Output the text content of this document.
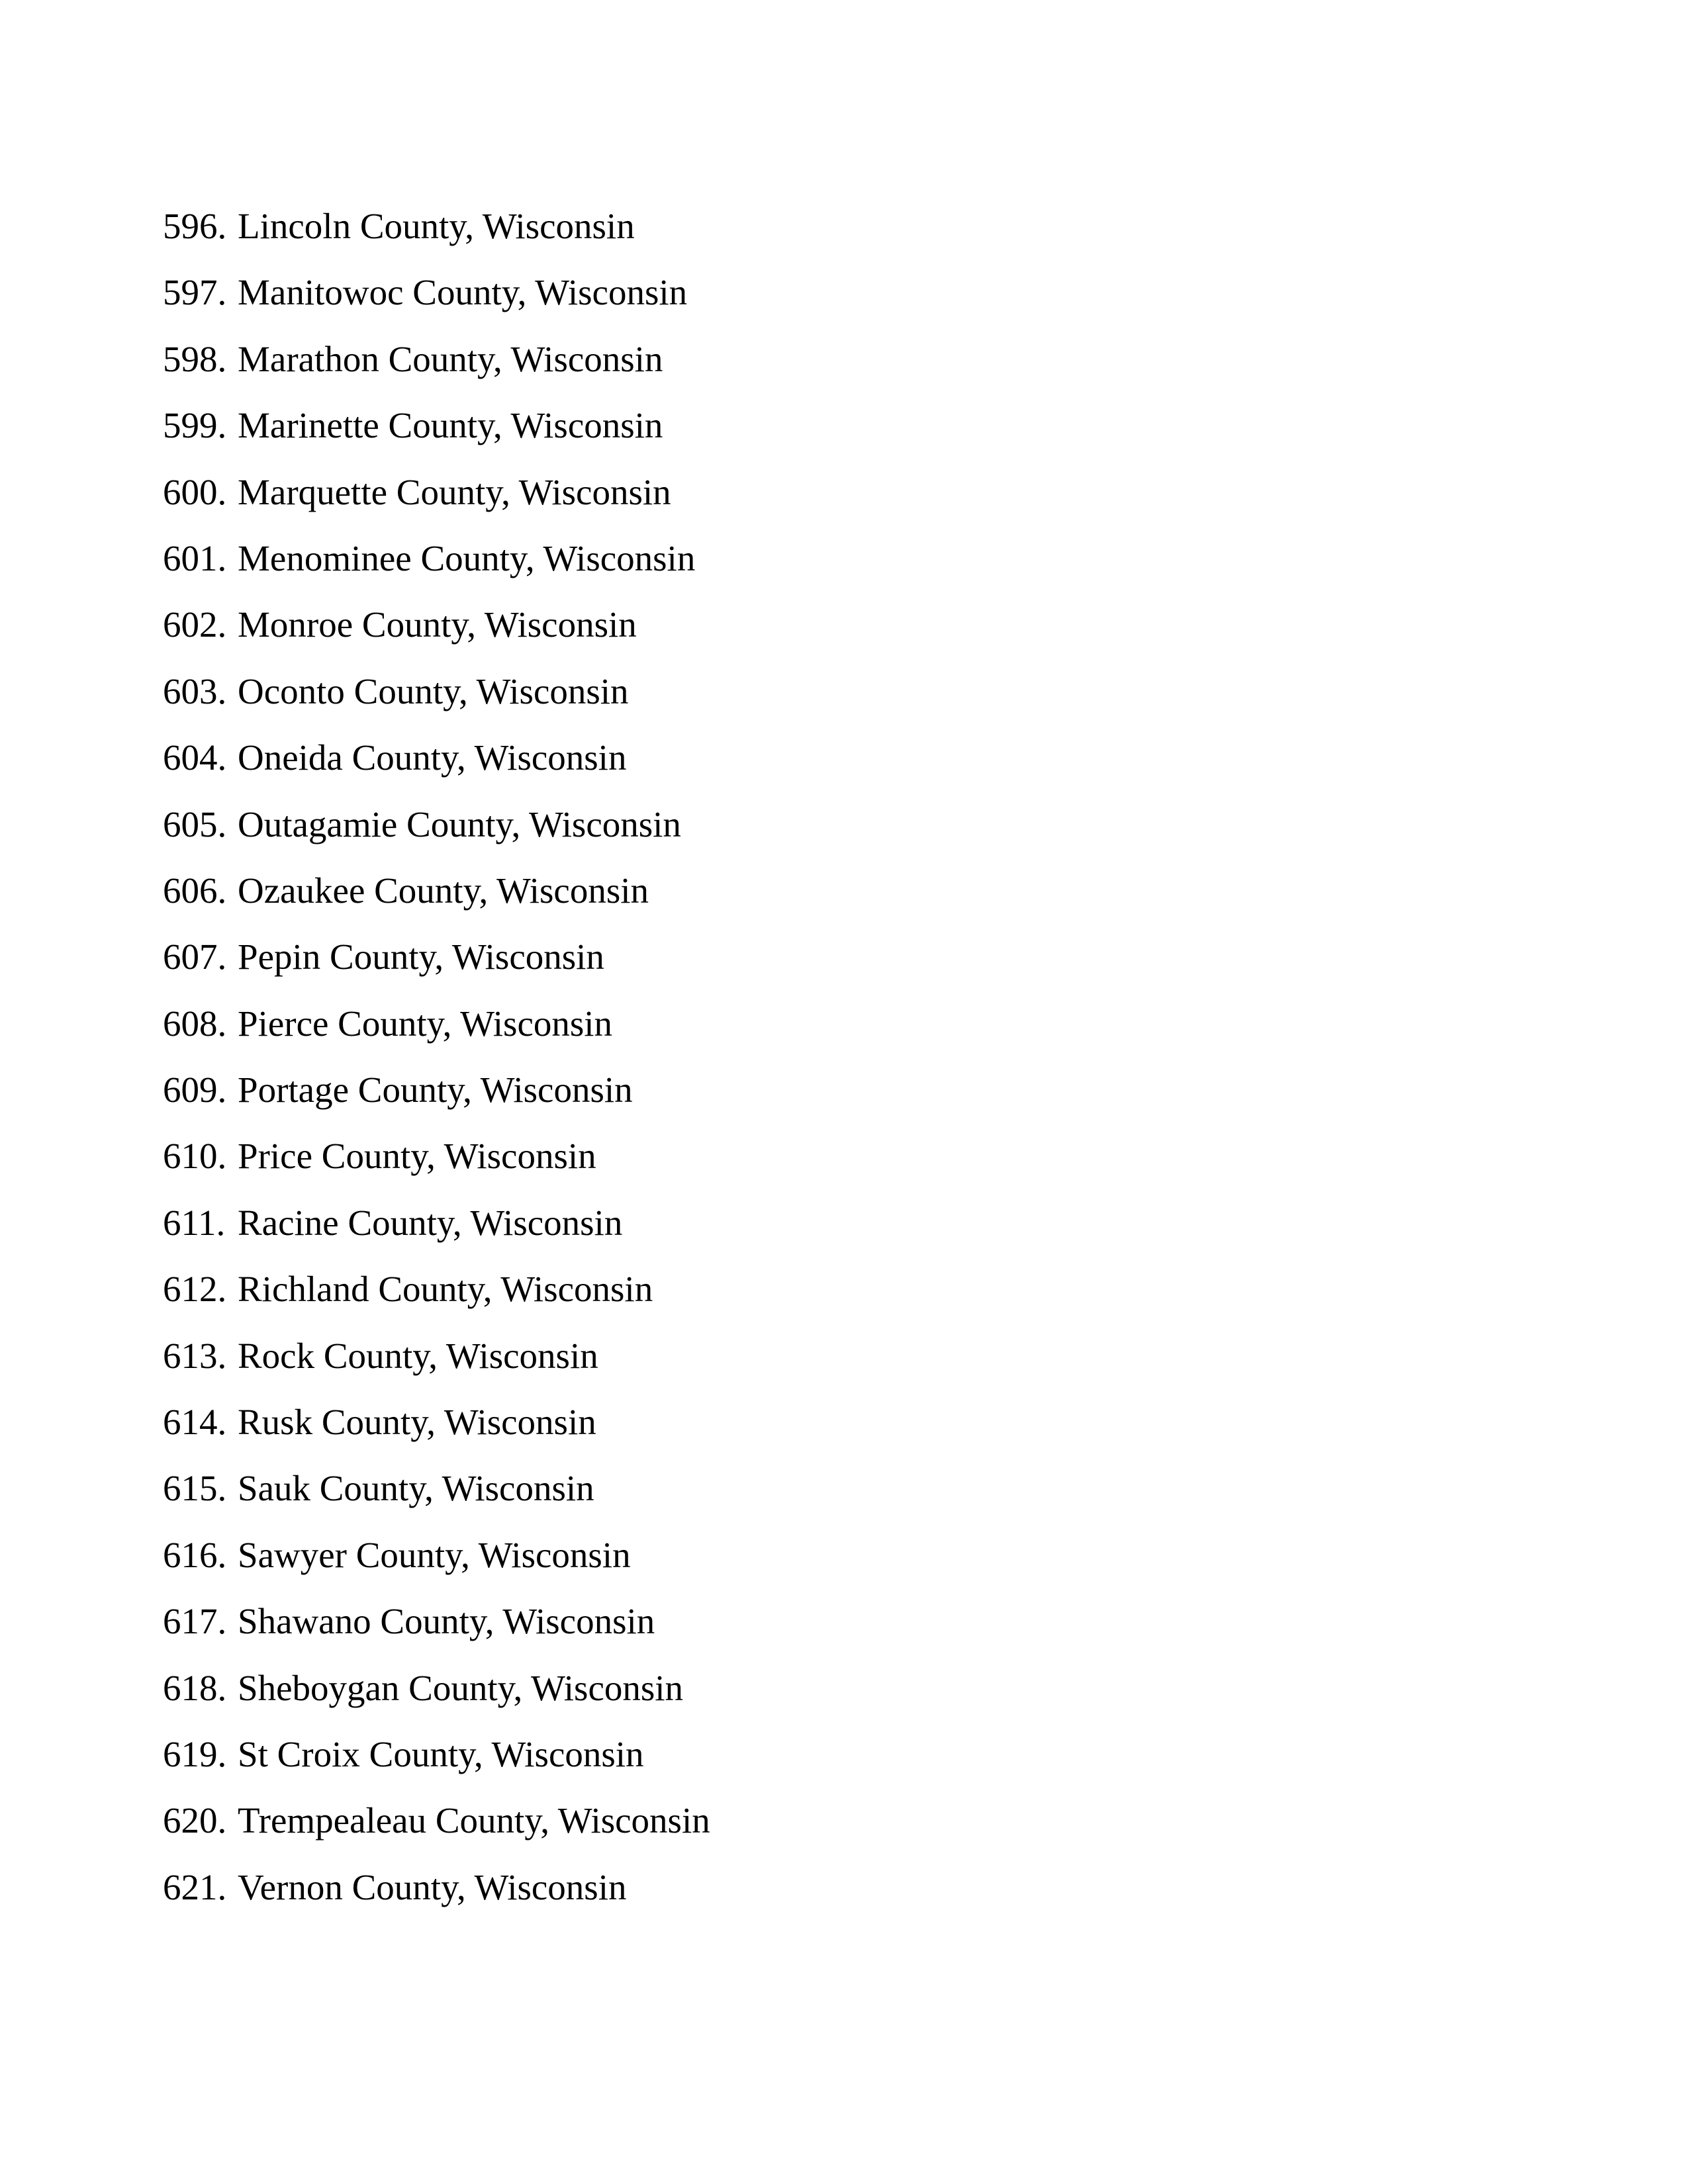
596. Lincoln County, Wisconsin
597. Manitowoc County, Wisconsin
598. Marathon County, Wisconsin
599. Marinette County, Wisconsin
600. Marquette County, Wisconsin
601. Menominee County, Wisconsin
602. Monroe County, Wisconsin
603. Oconto County, Wisconsin
604. Oneida County, Wisconsin
605. Outagamie County, Wisconsin
606. Ozaukee County, Wisconsin
607. Pepin County, Wisconsin
608. Pierce County, Wisconsin
609. Portage County, Wisconsin
610. Price County, Wisconsin
611. Racine County, Wisconsin
612. Richland County, Wisconsin
613. Rock County, Wisconsin
614. Rusk County, Wisconsin
615. Sauk County, Wisconsin
616. Sawyer County, Wisconsin
617. Shawano County, Wisconsin
618. Sheboygan County, Wisconsin
619. St Croix County, Wisconsin
620. Trempealeau County, Wisconsin
621. Vernon County, Wisconsin
